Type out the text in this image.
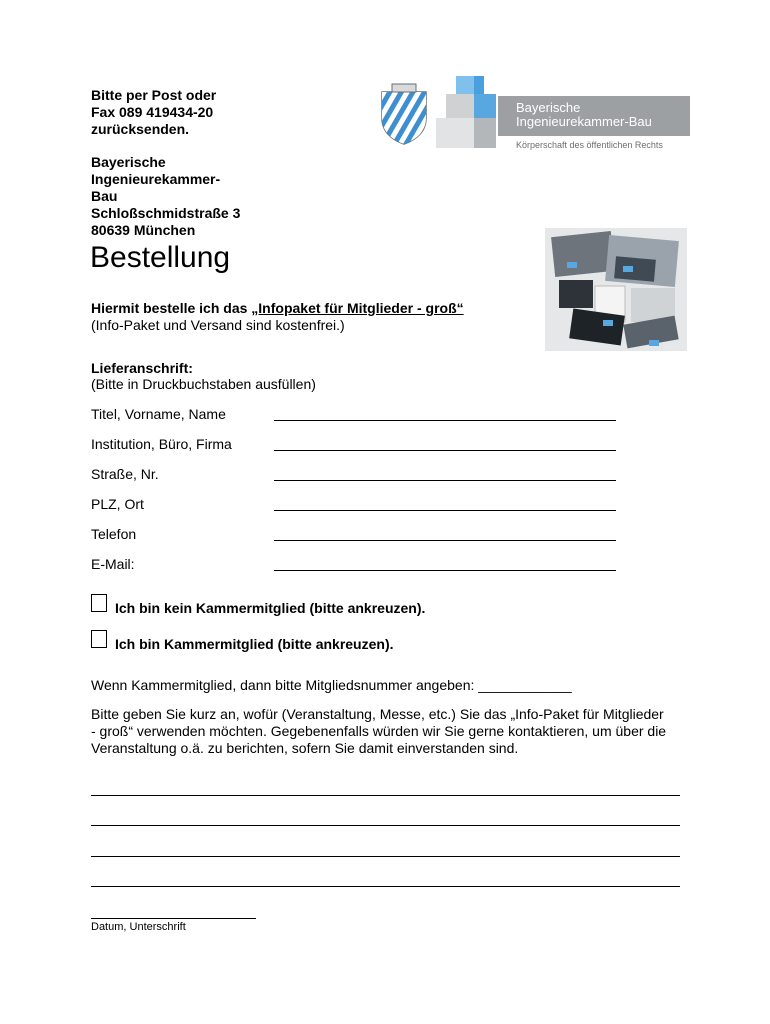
Bitte per Post oder
Fax 089 419434-20
zurücksenden.
Bayerische Ingenieurekammer-
Bau
Schloßschmidstraße 3
80639 München
Bayerische
Ingenieurekammer-Bau
Körperschaft des öffentlichen Rechts
Bestellung
Hiermit bestelle ich das „Infopaket für Mitglieder - groß“
(Info-Paket und Versand sind kostenfrei.)
Lieferanschrift:
(Bitte in Druckbuchstaben ausfüllen)
Titel, Vorname, Name
Institution, Büro, Firma
Straße, Nr.
PLZ, Ort
Telefon
E-Mail:
Ich bin kein Kammermitglied (bitte ankreuzen).
Ich bin Kammermitglied (bitte ankreuzen).
Wenn Kammermitglied, dann bitte Mitgliedsnummer angeben: ____________
Bitte geben Sie kurz an, wofür (Veranstaltung, Messe, etc.) Sie das „Info-Paket für Mitglieder
- groß“ verwenden möchten. Gegebenenfalls würden wir Sie gerne kontaktieren, um über die
Veranstaltung o.ä. zu berichten, sofern Sie damit einverstanden sind.
Datum, Unterschrift
